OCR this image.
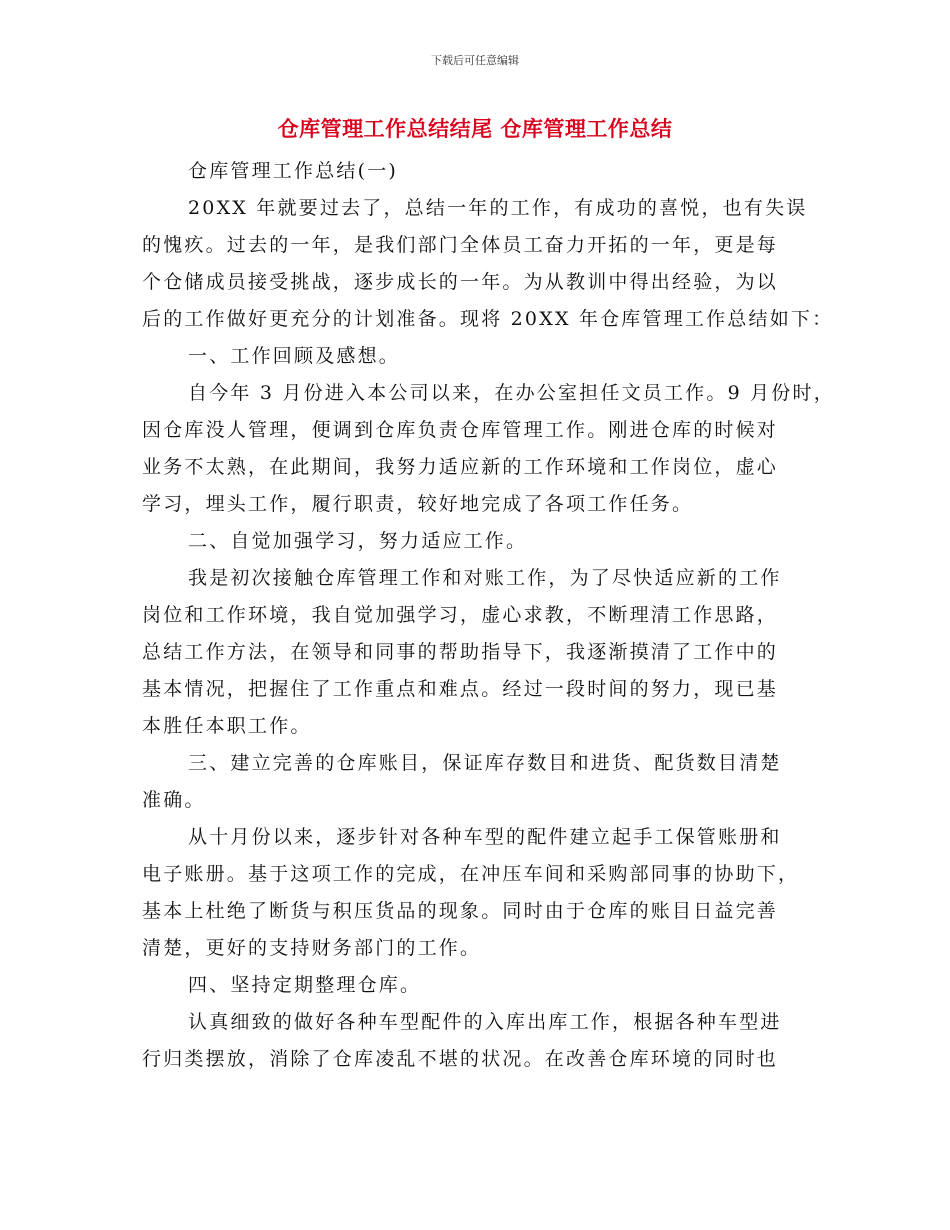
下载后可任意编辑
仓库管理工作总结结尾 仓库管理工作总结
仓库管理工作总结(一)
20XX 年就要过去了，总结一年的工作，有成功的喜悦，也有失误
的愧疚。过去的一年，是我们部门全体员工奋力开拓的一年，更是每
个仓储成员接受挑战，逐步成长的一年。为从教训中得出经验，为以
后的工作做好更充分的计划准备。现将 20XX 年仓库管理工作总结如下：
一、工作回顾及感想。
自今年 3 月份进入本公司以来，在办公室担任文员工作。9 月份时，
因仓库没人管理，便调到仓库负责仓库管理工作。刚进仓库的时候对
业务不太熟，在此期间，我努力适应新的工作环境和工作岗位，虚心
学习，埋头工作，履行职责，较好地完成了各项工作任务。
二、自觉加强学习，努力适应工作。
我是初次接触仓库管理工作和对账工作，为了尽快适应新的工作
岗位和工作环境，我自觉加强学习，虚心求教，不断理清工作思路，
总结工作方法，在领导和同事的帮助指导下，我逐渐摸清了工作中的
基本情况，把握住了工作重点和难点。经过一段时间的努力，现已基
本胜任本职工作。
三、建立完善的仓库账目，保证库存数目和进货、配货数目清楚
准确。
从十月份以来，逐步针对各种车型的配件建立起手工保管账册和
电子账册。基于这项工作的完成，在冲压车间和采购部同事的协助下，
基本上杜绝了断货与积压货品的现象。同时由于仓库的账目日益完善
清楚，更好的支持财务部门的工作。
四、坚持定期整理仓库。
认真细致的做好各种车型配件的入库出库工作，根据各种车型进
行归类摆放，消除了仓库凌乱不堪的状况。在改善仓库环境的同时也
